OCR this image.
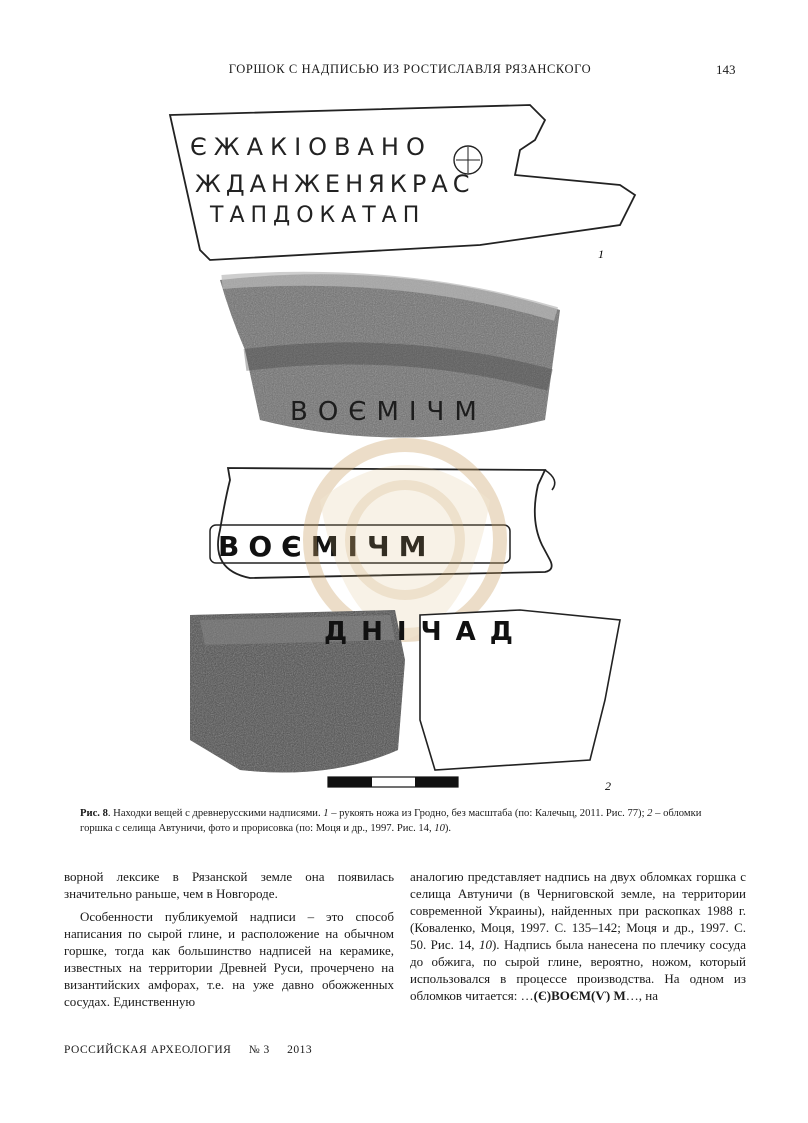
ГОРШОК С НАДПИСЬЮ ИЗ РОСТИСЛАВЛЯ РЯЗАНСКОГО	143
ЄЖАКІОВАНО
ЖДАНЖЕНЯКРАС
ТАПДОКАТАП
1
ВОЄМІЧМ
ВОЄМІЧМ
ДНІЧАД
2
Рис. 8. Находки вещей с древнерусскими надписями. 1 – рукоять ножа из Гродно, без масштаба (по: Калечыц, 2011. Рис. 77); 2 – обломки горшка с селища Автуничи, фото и прорисовка (по: Моця и др., 1997. Рис. 14, 10).

ворной лексике в Рязанской земле она появилась значительно раньше, чем в Новгороде.

Особенности публикуемой надписи – это способ написания по сырой глине, и расположение на обычном горшке, тогда как большинство надписей на керамике, известных на территории Древней Руси, прочерчено на византийских амфорах, т.е. на уже давно обожженных сосудах. Единственную

аналогию представляет надпись на двух обломках горшка с селища Автуничи (в Черниговской земле, на территории современной Украины), найденных при раскопках 1988 г. (Коваленко, Моця, 1997. С. 135–142; Моця и др., 1997. С. 50. Рис. 14, 10). Надпись была нанесена по плечику сосуда до обжига, по сырой глине, вероятно, ножом, который использовался в процессе производства. На одном из обломков читается: …(Є)ВОЄМ(Ѵ) М…, на

РОССИЙСКАЯ АРХЕОЛОГИЯ № 3 2013
